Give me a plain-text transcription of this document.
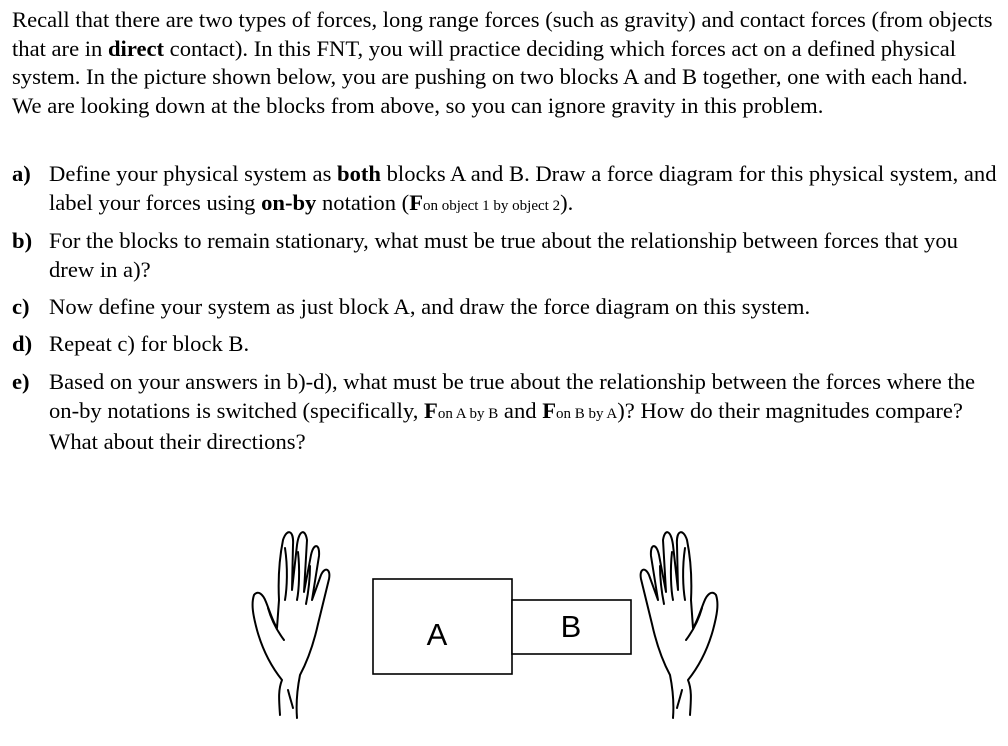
Recall that there are two types of forces, long range forces (such as gravity) and contact forces (from objects that are in direct contact). In this FNT, you will practice deciding which forces act on a defined physical system. In the picture shown below, you are pushing on two blocks A and B together, one with each hand. We are looking down at the blocks from above, so you can ignore gravity in this problem.

a) Define your physical system as both blocks A and B. Draw a force diagram for this physical system, and label your forces using on-by notation (Fon object 1 by object 2).
b) For the blocks to remain stationary, what must be true about the relationship between forces that you drew in a)?
c) Now define your system as just block A, and draw the force diagram on this system.
d) Repeat c) for block B.
e) Based on your answers in b)-d), what must be true about the relationship between the forces where the on-by notations is switched (specifically, Fon A by B and Fon B by A)? How do their magnitudes compare? What about their directions?
A	B
